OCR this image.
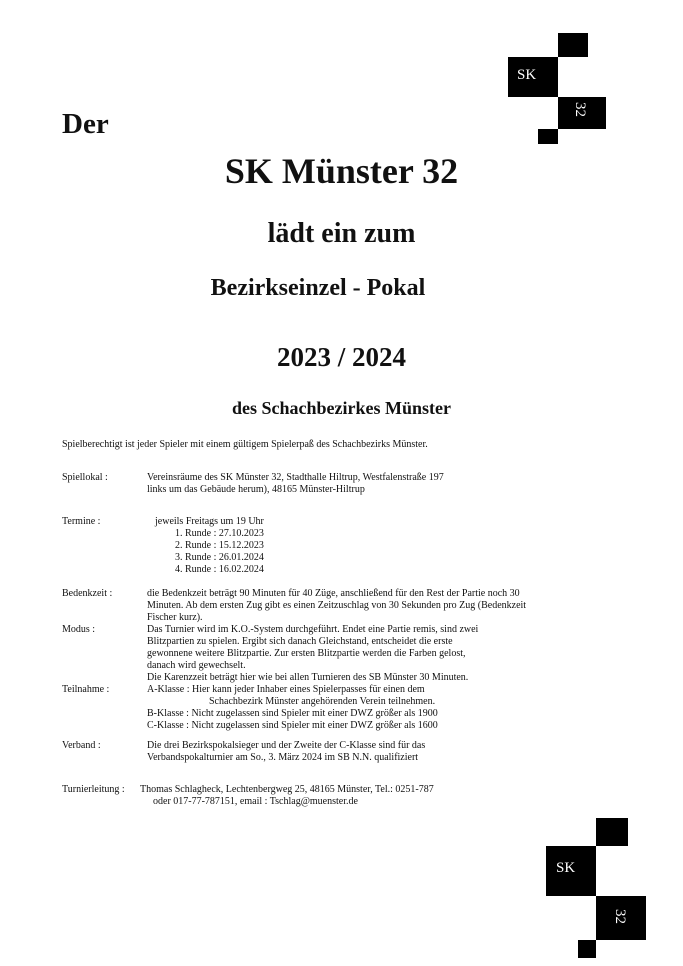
SK
32
Der
SK Münster 32
lädt ein zum
Bezirkseinzel - Pokal
2023 / 2024
des Schachbezirkes Münster
Spielberechtigt ist jeder Spieler mit einem gültigem Spielerpaß des Schachbezirks Münster.
Spiellokal :	Vereinsräume des SK Münster 32, Stadthalle Hiltrup, Westfalenstraße 197
links um das Gebäude herum), 48165 Münster-Hiltrup
Termine :	jeweils Freitags um 19 Uhr
1. Runde : 27.10.2023
2. Runde : 15.12.2023
3. Runde : 26.01.2024
4. Runde : 16.02.2024
Bedenkzeit :	die Bedenkzeit beträgt 90 Minuten für 40 Züge, anschließend für den Rest der Partie noch 30
Minuten. Ab dem ersten Zug gibt es einen Zeitzuschlag von 30 Sekunden pro Zug (Bedenkzeit
Fischer kurz).
Modus :	Das Turnier wird im K.O.-System durchgeführt. Endet eine Partie remis, sind zwei
Blitzpartien zu spielen. Ergibt sich danach Gleichstand, entscheidet die erste
gewonnene weitere Blitzpartie. Zur ersten Blitzpartie werden die Farben gelost,
danach wird gewechselt.
Die Karenzzeit beträgt hier wie bei allen Turnieren des SB Münster 30 Minuten.
Teilnahme :	A-Klasse : Hier kann jeder Inhaber eines Spielerpasses für einen dem
Schachbezirk Münster angehörenden Verein teilnehmen.
B-Klasse : Nicht zugelassen sind Spieler mit einer DWZ größer als 1900
C-Klasse : Nicht zugelassen sind Spieler mit einer DWZ größer als 1600
Verband :	Die drei Bezirkspokalsieger und der Zweite der C-Klasse sind für das
Verbandspokalturnier am So., 3. März 2024 im SB N.N. qualifiziert
Turnierleitung : Thomas Schlagheck, Lechtenbergweg 25, 48165 Münster, Tel.: 0251-787
oder 017-77-787151, email : Tschlag@muenster.de
SK
32
